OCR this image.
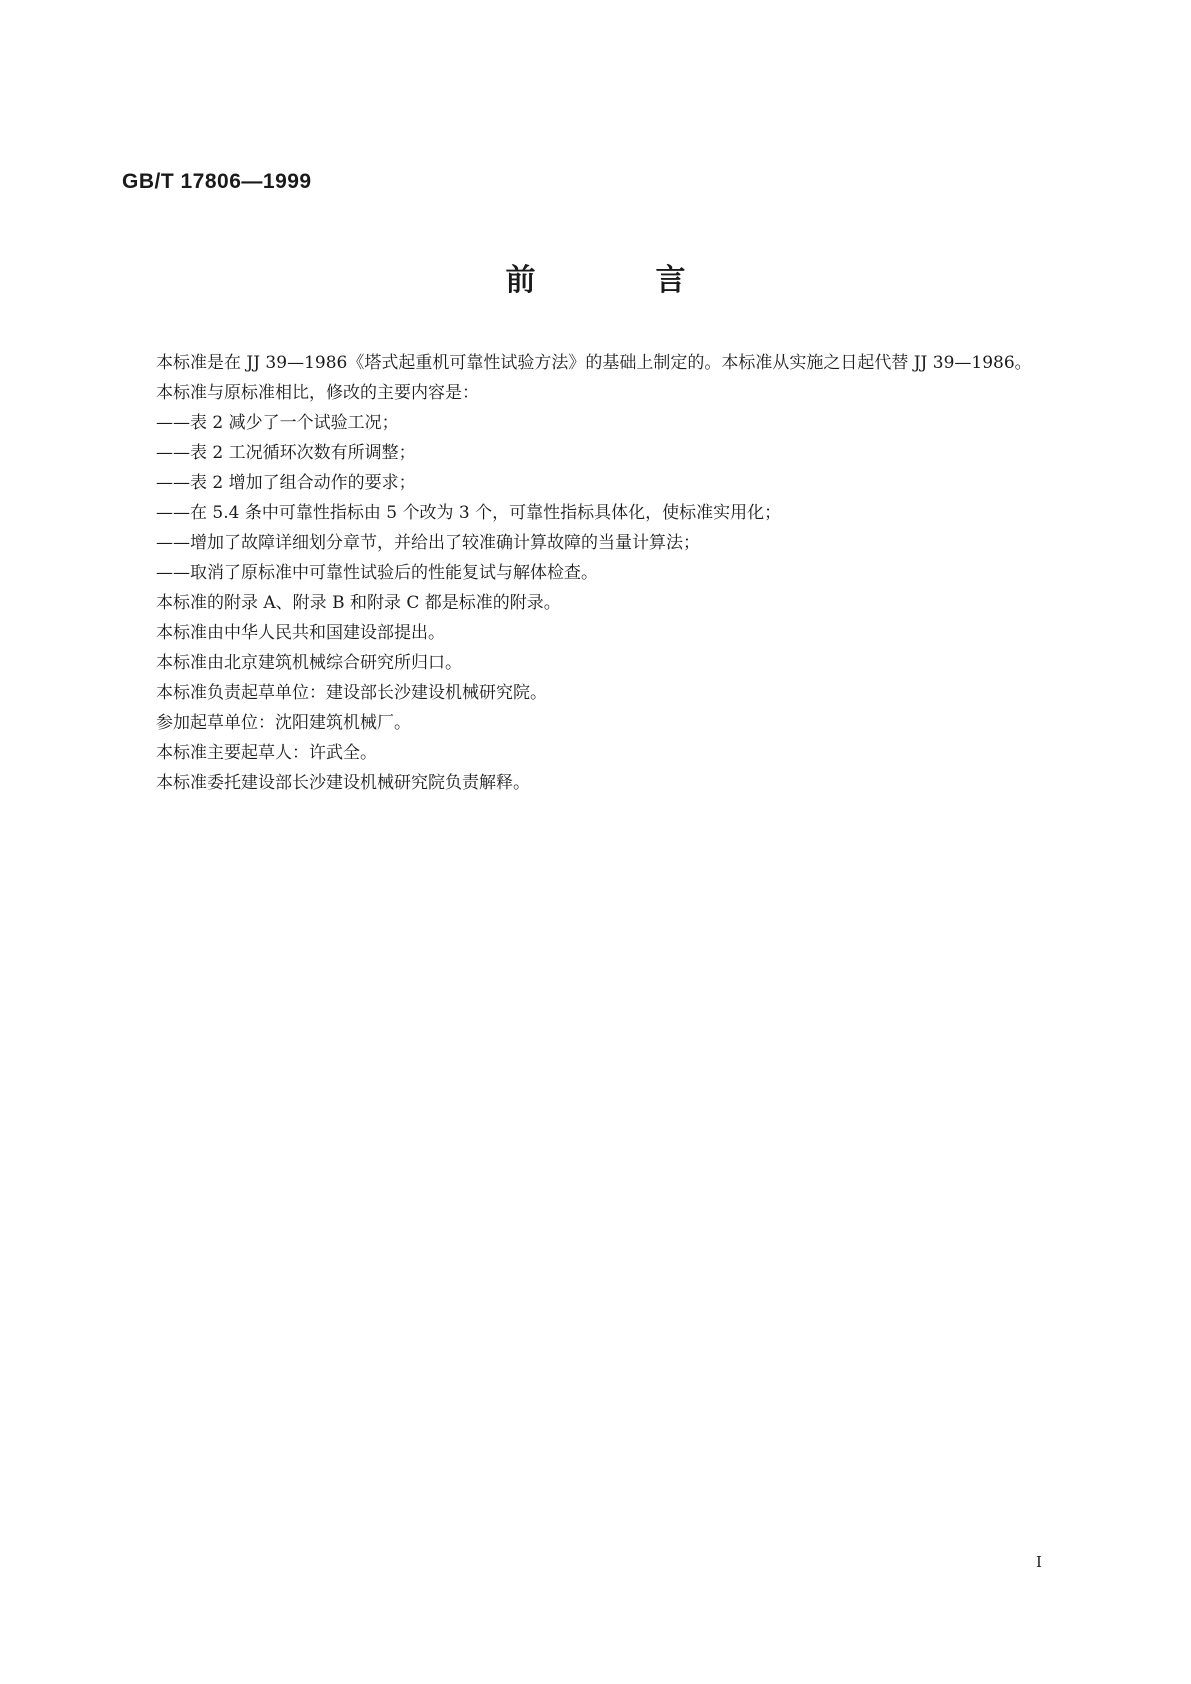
GB/T 17806—1999
前	言

本标准是在 JJ 39—1986《塔式起重机可靠性试验方法》的基础上制定的。本标准从实施之日起代替 JJ 39—1986。

本标准与原标准相比，修改的主要内容是：

——表 2 减少了一个试验工况；

——表 2 工况循环次数有所调整；

——表 2 增加了组合动作的要求；

——在 5.4 条中可靠性指标由 5 个改为 3 个，可靠性指标具体化，使标准实用化；

——增加了故障详细划分章节，并给出了较准确计算故障的当量计算法；

——取消了原标准中可靠性试验后的性能复试与解体检查。

本标准的附录 A、附录 B 和附录 C 都是标准的附录。

本标准由中华人民共和国建设部提出。

本标准由北京建筑机械综合研究所归口。

本标准负责起草单位：建设部长沙建设机械研究院。

参加起草单位：沈阳建筑机械厂。

本标准主要起草人：许武全。

本标准委托建设部长沙建设机械研究院负责解释。

I
